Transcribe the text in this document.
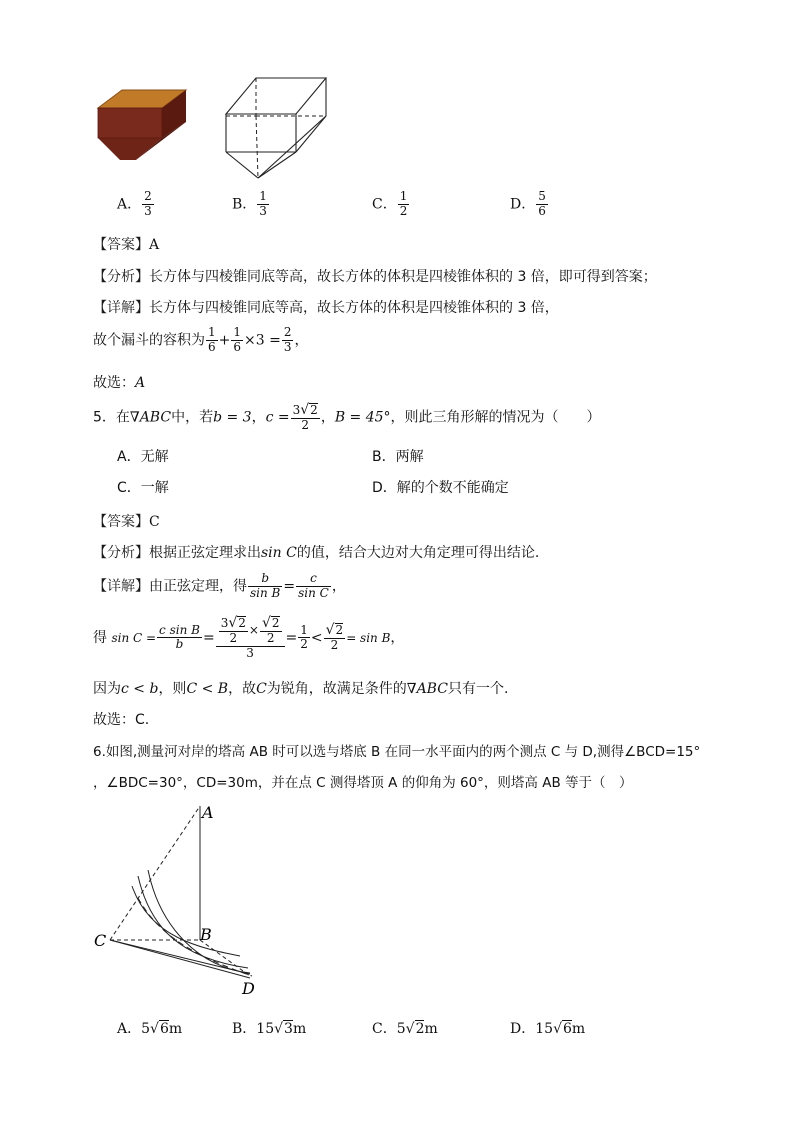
A． $\frac{2}{3}$	B． $\frac{1}{3}$	C． $\frac{1}{2}$	D． $\frac{5}{6}$
【答案】A
【分析】长方体与四棱锥同底等高，故长方体的体积是四棱锥体积的 3 倍，即可得到答案；
【详解】长方体与四棱锥同底等高，故长方体的体积是四棱锥体积的 3 倍，
故个漏斗的容积为 $\frac{1}{6} + \frac{1}{6} \times 3 = \frac{2}{3}$ ，
故选：A
5．在∇ABC中，若b = 3，$c = \frac{3√2}{2}$ ，B = 45°，则此三角形解的情况为（　　）
A．无解	B．两解
C．一解	D．解的个数不能确定
【答案】C
【分析】根据正弦定理求出sin C的值，结合大边对大角定理可得出结论.
【详解】由正弦定理，得 $\frac{b}{\text{sin B}} = \frac{c}{\text{sin C}}$ ，
得 $\sin C = \frac{\text{c sin B}}{b} = \frac{\frac{3√2}{2} \times \frac{√2}{2}}{3} = \frac{1}{2} < \frac{√2}{2} = \sin B$，
因为c < b，则C < B，故C为锐角，故满足条件的∇ABC只有一个.
故选：C.
6.如图,测量河对岸的塔高 AB 时可以选与塔底 B 在同一水平面内的两个测点 C 与 D,测得∠BCD=15°
，∠BDC=30°，CD=30m，并在点 C 测得塔顶 A 的仰角为 60°，则塔高 AB 等于（　）
A
B
C
D
A．5√6m	B．15√3m	C．5√2m	D．15√6m
